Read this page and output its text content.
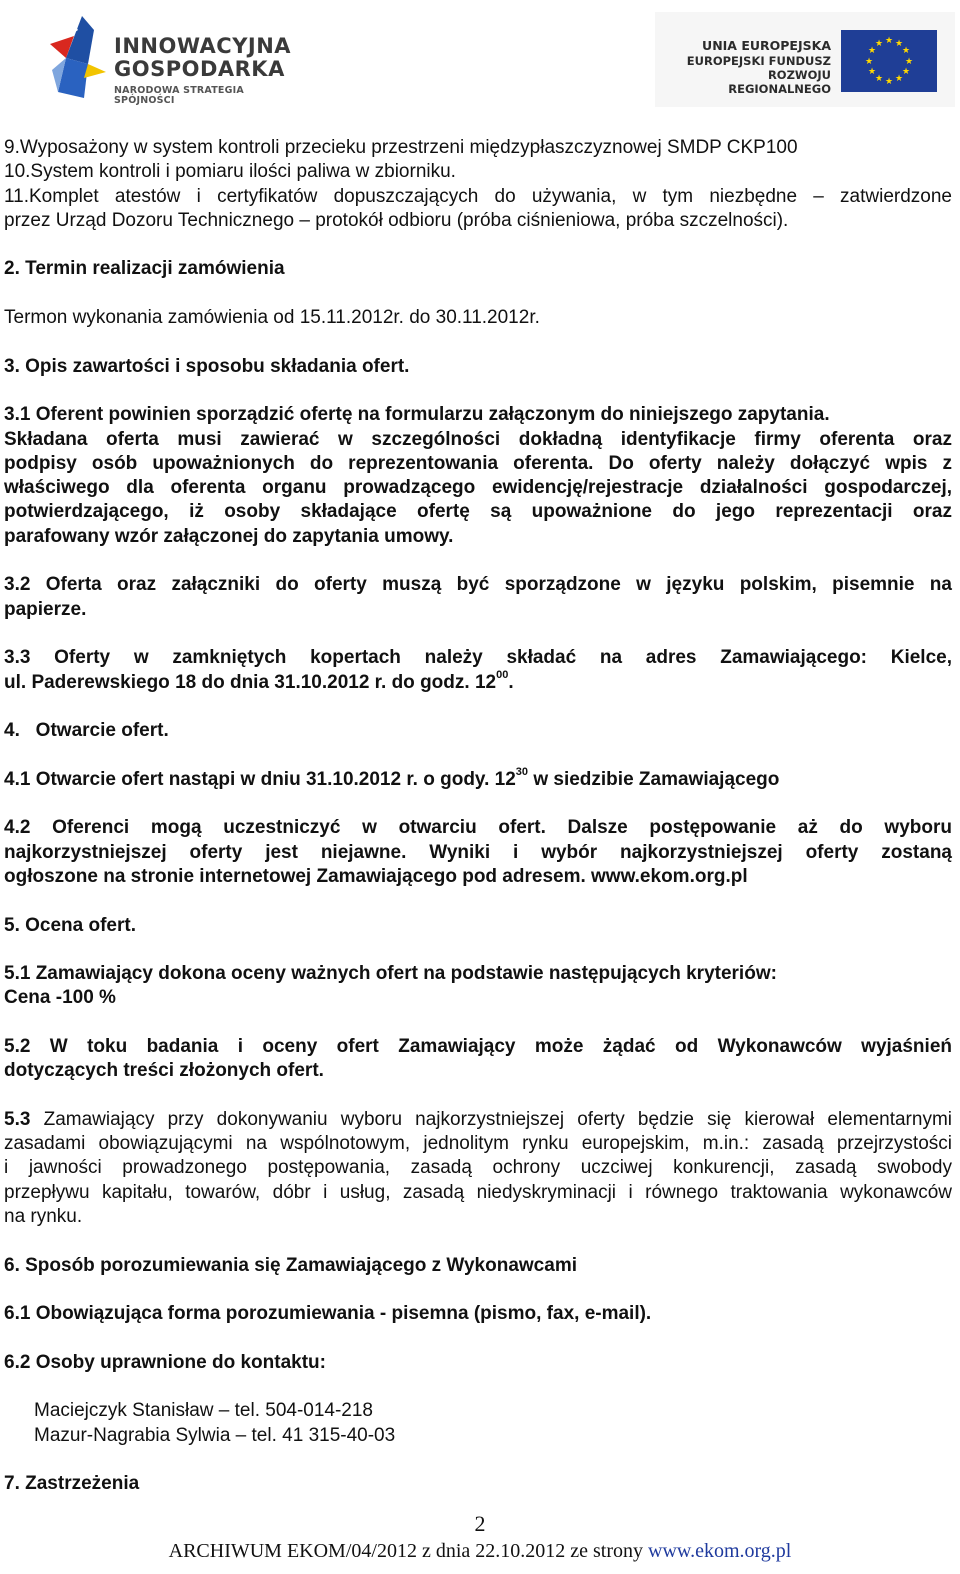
INNOWACYJNA
GOSPODARKA
NARODOWA STRATEGIA SPÓJNOŚCI
UNIA EUROPEJSKA
EUROPEJSKI FUNDUSZ
ROZWOJU REGIONALNEGO
★ ★
★
★
★
★
★
★
★
★
★
★

9.Wyposażony w system kontroli przecieku przestrzeni międzypłaszczyznowej SMDP CKP100

10.System kontroli i pomiaru ilości paliwa w zbiorniku.

11.Komplet atestów i certyfikatów dopuszczających do używania, w tym niezbędne – zatwierdzone

przez Urząd Dozoru Technicznego – protokół odbioru (próba ciśnieniowa, próba szczelności).

2. Termin realizacji zamówienia

Termon wykonania zamówienia od 15.11.2012r. do 30.11.2012r.

3. Opis zawartości i sposobu składania ofert.

3.1 Oferent powinien sporządzić ofertę na formularzu załączonym do niniejszego zapytania.

Składana oferta musi zawierać w szczególności dokładną identyfikacje firmy oferenta oraz

podpisy osób upoważnionych do reprezentowania oferenta. Do oferty należy dołączyć wpis z

właściwego dla oferenta organu prowadzącego ewidencję/rejestracje działalności gospodarczej,

potwierdzającego, iż osoby składające ofertę są upoważnione do jego reprezentacji oraz

parafowany wzór załączonej do zapytania umowy.

3.2 Oferta oraz załączniki do oferty muszą być sporządzone w języku polskim, pisemnie na

papierze.

3.3 Oferty w zamkniętych kopertach należy składać na adres Zamawiającego: Kielce,

ul. Paderewskiego 18 do dnia 31.10.2012 r. do godz. $12^{00}$.

4.   Otwarcie ofert.

4.1 Otwarcie ofert nastąpi w dniu 31.10.2012 r. o gody. $12^{30}$ w siedzibie Zamawiającego

4.2 Oferenci mogą uczestniczyć w otwarciu ofert. Dalsze postępowanie aż do wyboru

najkorzystniejszej oferty jest niejawne. Wyniki i wybór najkorzystniejszej oferty zostaną

ogłoszone na stronie internetowej Zamawiającego pod adresem. www.ekom.org.pl

5. Ocena ofert.

5.1 Zamawiający dokona oceny ważnych ofert na podstawie następujących kryteriów:

Cena -100 %

5.2 W toku badania i oceny ofert Zamawiający może żądać od Wykonawców wyjaśnień

dotyczących treści złożonych ofert.

5.3 Zamawiający przy dokonywaniu wyboru najkorzystniejszej oferty będzie się kierował elementarnymi

zasadami obowiązującymi na wspólnotowym, jednolitym rynku europejskim, m.in.: zasadą przejrzystości

i jawności prowadzonego postępowania, zasadą ochrony uczciwej konkurencji, zasadą swobody

przepływu kapitału, towarów, dóbr i usług, zasadą niedyskryminacji i równego traktowania wykonawców

na rynku.

6. Sposób porozumiewania się Zamawiającego z Wykonawcami

6.1 Obowiązująca forma porozumiewania - pisemna (pismo, fax, e-mail).

6.2 Osoby uprawnione do kontaktu:

Maciejczyk Stanisław – tel. 504-014-218

Mazur-Nagrabia Sylwia – tel. 41 315-40-03

7. Zastrzeżenia

2
ARCHIWUM EKOM/04/2012 z dnia 22.10.2012 ze strony www.ekom.org.pl
